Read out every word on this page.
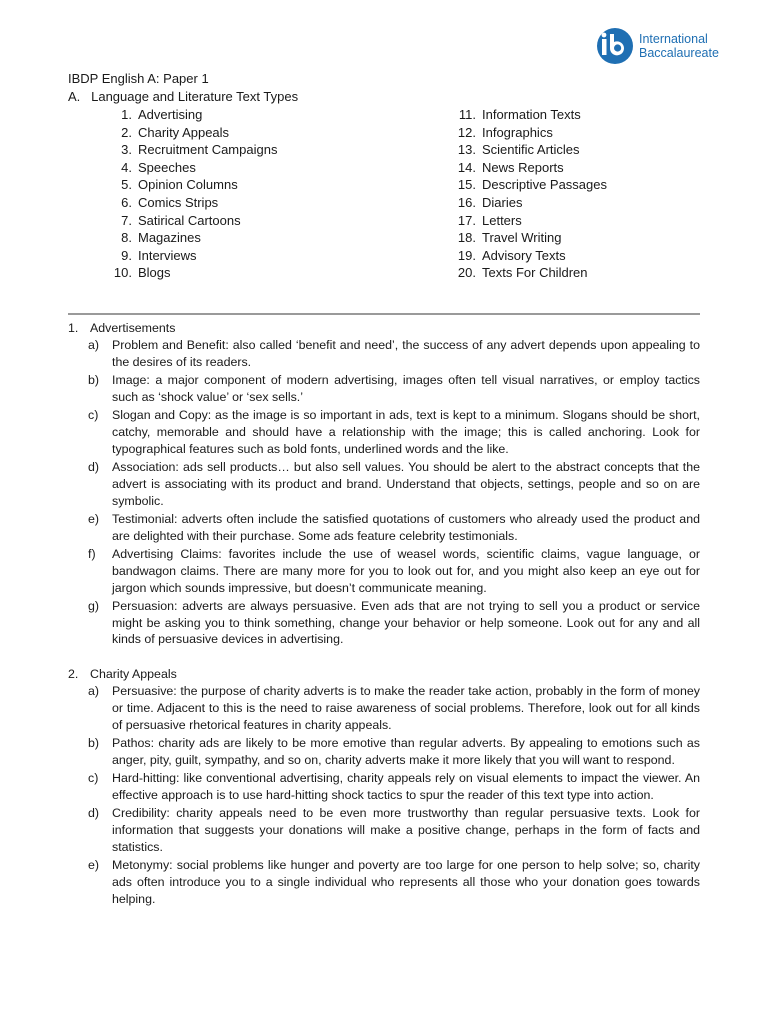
International
Baccalaureate
IBDP English A: Paper 1
A.   Language and Literature Text Types
1. Advertising
2. Charity Appeals
3. Recruitment Campaigns
4. Speeches
5. Opinion Columns
6. Comics Strips
7. Satirical Cartoons
8. Magazines
9. Interviews
10. Blogs
11. Information Texts
12. Infographics
13. Scientific Articles
14. News Reports
15. Descriptive Passages
16. Diaries
17. Letters
18. Travel Writing
19. Advisory Texts
20. Texts For Children
1. Advertisements
a)	Problem and Benefit: also called ‘benefit and need’, the success of any advert depends upon appealing to the desires of its readers.
b)	Image: a major component of modern advertising, images often tell visual narratives, or employ tactics such as ‘shock value’ or ‘sex sells.’
c)	Slogan and Copy: as the image is so important in ads, text is kept to a minimum. Slogans should be short, catchy, memorable and should have a relationship with the image; this is called anchoring. Look for typographical features such as bold fonts, underlined words and the like.
d)	Association: ads sell products… but also sell values. You should be alert to the abstract concepts that the advert is associating with its product and brand. Understand that objects, settings, people and so on are symbolic.
e)	Testimonial: adverts often include the satisfied quotations of customers who already used the product and are delighted with their purchase. Some ads feature celebrity testimonials.
f)	Advertising Claims: favorites include the use of weasel words, scientific claims, vague language, or bandwagon claims. There are many more for you to look out for, and you might also keep an eye out for jargon which sounds impressive, but doesn’t communicate meaning.
g)	Persuasion: adverts are always persuasive. Even ads that are not trying to sell you a product or service might be asking you to think something, change your behavior or help someone. Look out for any and all kinds of persuasive devices in advertising.
2. Charity Appeals
a)	Persuasive: the purpose of charity adverts is to make the reader take action, probably in the form of money or time. Adjacent to this is the need to raise awareness of social problems. Therefore, look out for all kinds of persuasive rhetorical features in charity appeals.
b)	Pathos: charity ads are likely to be more emotive than regular adverts. By appealing to emotions such as anger, pity, guilt, sympathy, and so on, charity adverts make it more likely that you will want to respond.
c)	Hard-hitting: like conventional advertising, charity appeals rely on visual elements to impact the viewer. An effective approach is to use hard-hitting shock tactics to spur the reader of this text type into action.
d)	Credibility: charity appeals need to be even more trustworthy than regular persuasive texts. Look for information that suggests your donations will make a positive change, perhaps in the form of facts and statistics.
e)	Metonymy: social problems like hunger and poverty are too large for one person to help solve; so, charity ads often introduce you to a single individual who represents all those who your donation goes towards helping.
